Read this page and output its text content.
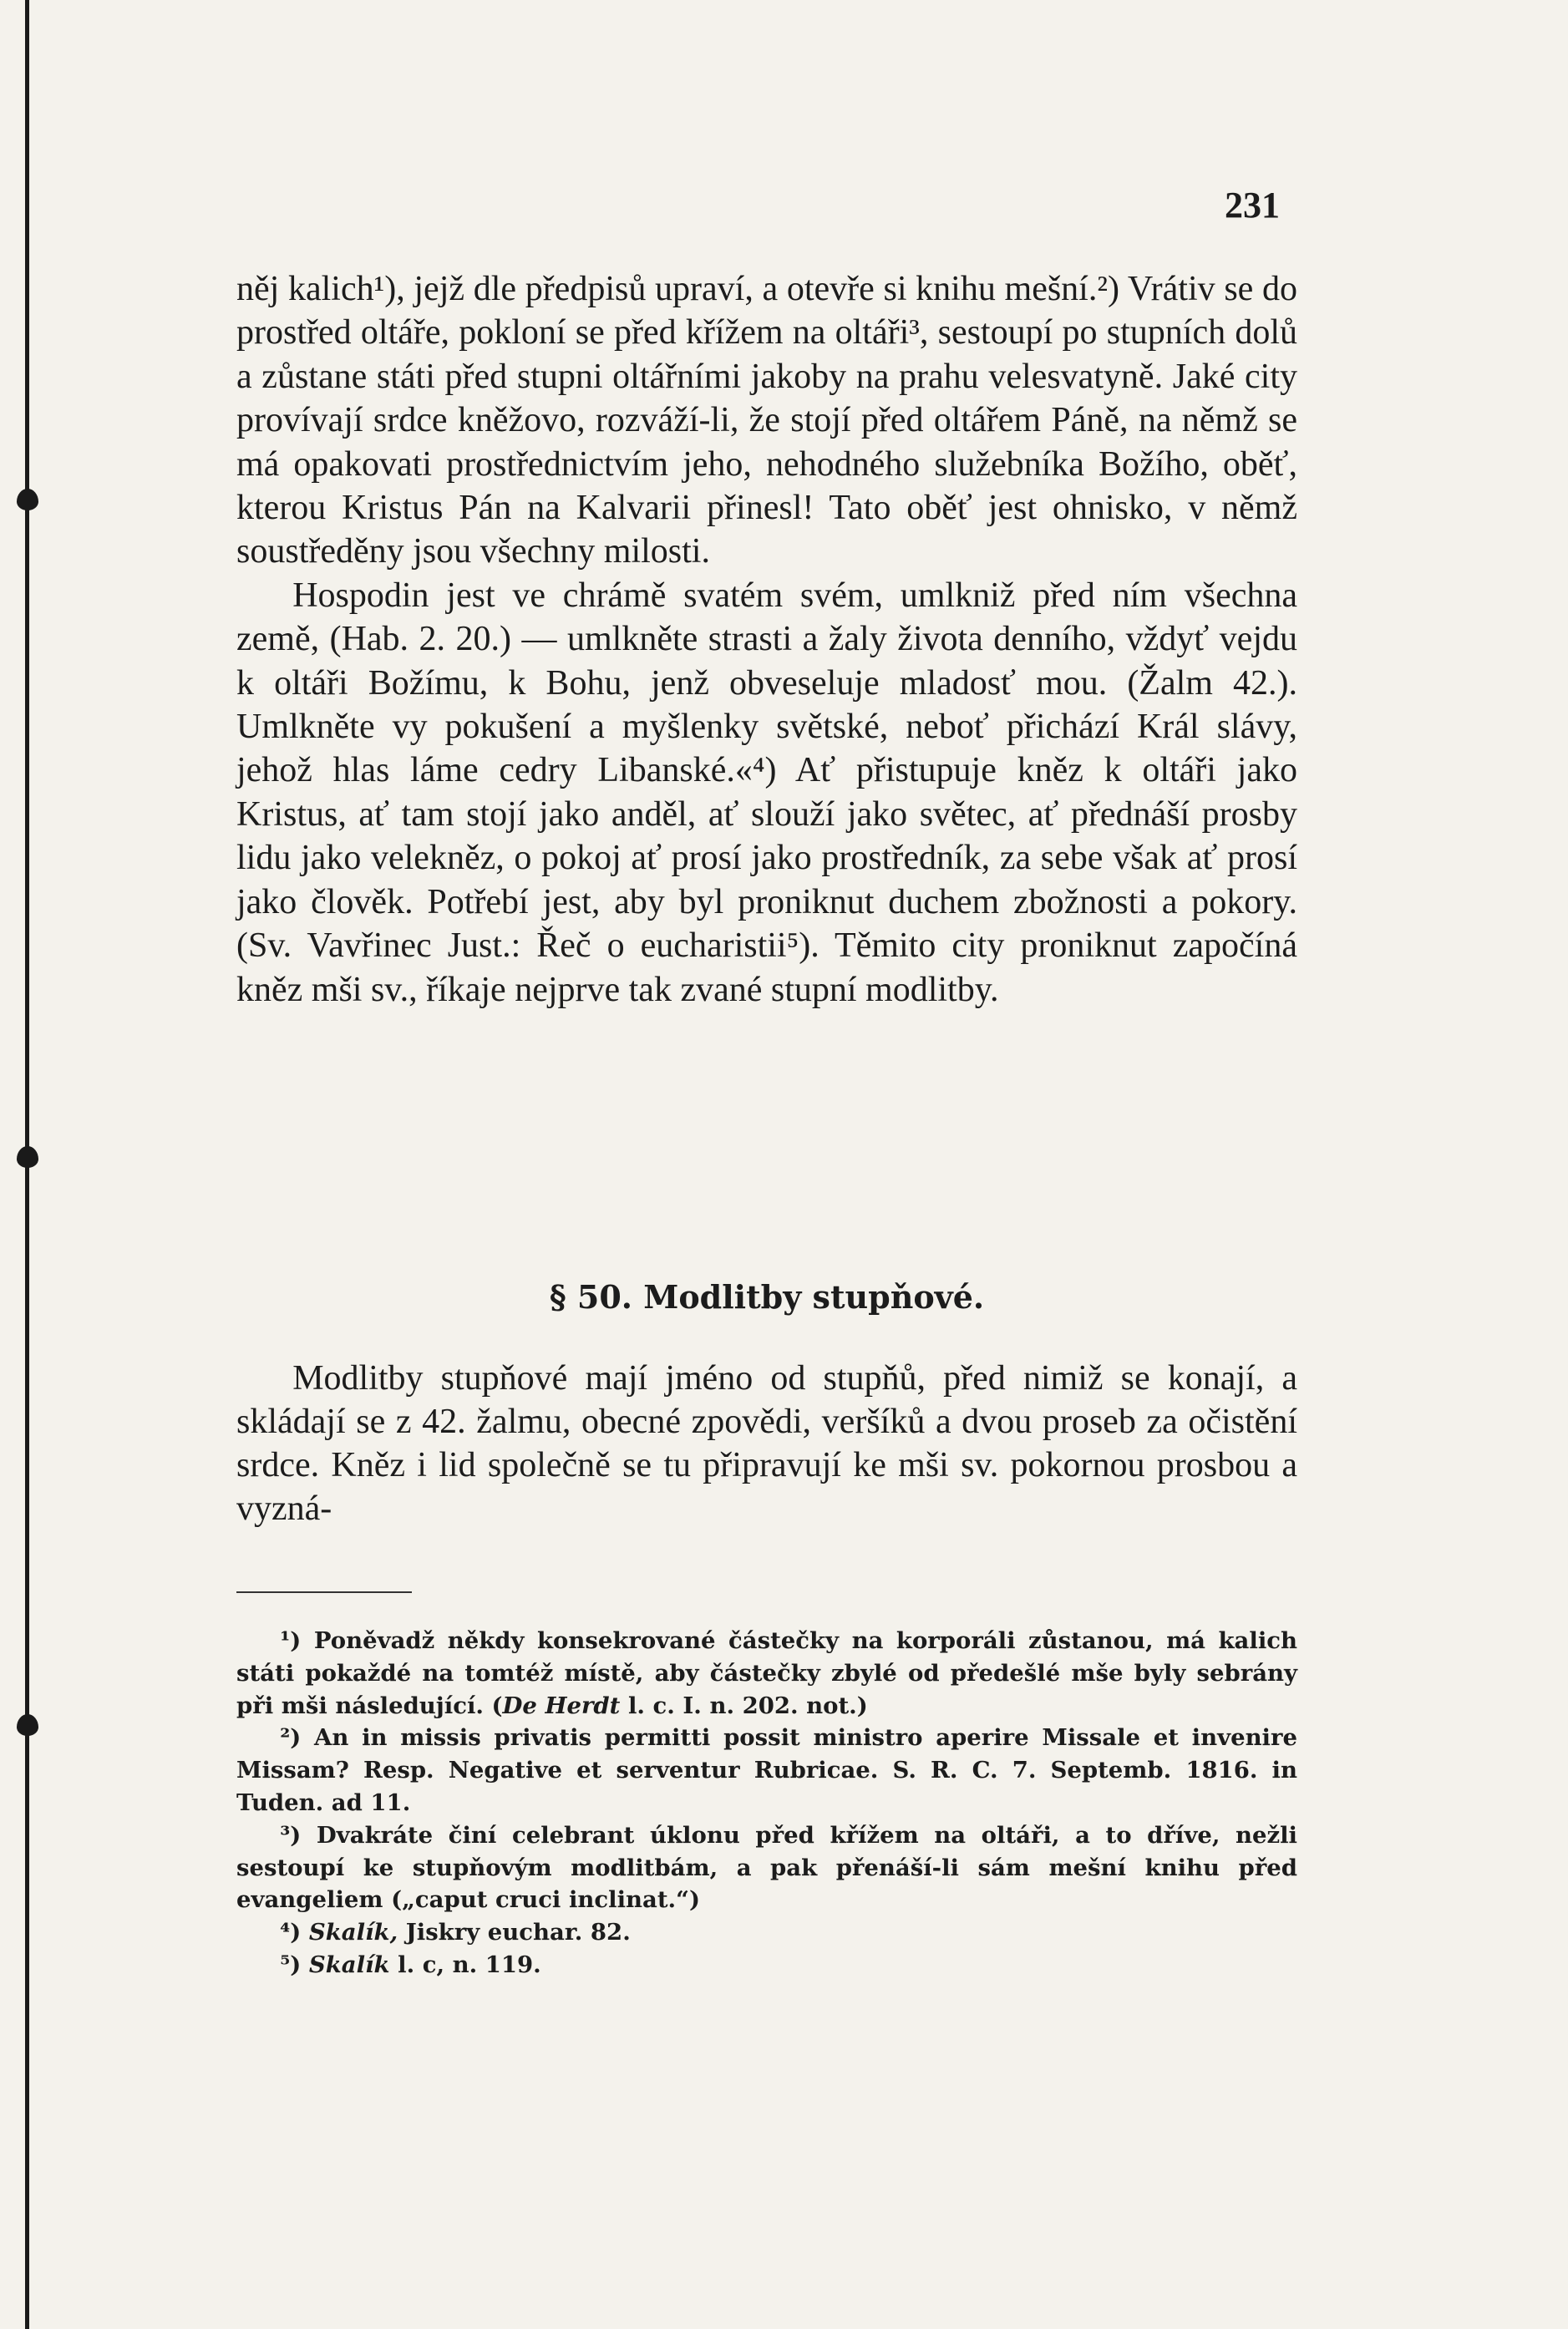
231

něj kalich¹), jejž dle předpisů upraví, a otevře si knihu mešní.²) Vrátiv se do prostřed oltáře, pokloní se před křížem na oltáři³, sestoupí po stupních dolů a zůstane státi před stupni oltářními jakoby na prahu velesvatyně. Jaké city provívají srdce kněžovo, rozváží-li, že stojí před oltářem Páně, na němž se má opakovati prostřednictvím jeho, nehodného služebníka Božího, oběť, kterou Kristus Pán na Kalvarii přinesl! Tato oběť jest ohnisko, v němž soustředěny jsou všechny milosti.

Hospodin jest ve chrámě svatém svém, umlkniž před ním všechna země, (Hab. 2. 20.) — umlkněte strasti a žaly života denního, vždyť vejdu k oltáři Božímu, k Bohu, jenž obveseluje mladosť mou. (Žalm 42.). Umlkněte vy pokušení a myšlenky světské, neboť přichází Král slávy, jehož hlas láme cedry Libanské.«⁴) Ať přistupuje kněz k oltáři jako Kristus, ať tam stojí jako anděl, ať slouží jako světec, ať přednáší prosby lidu jako velekněz, o pokoj ať prosí jako prostředník, za sebe však ať prosí jako člověk. Potřebí jest, aby byl proniknut duchem zbožnosti a pokory. (Sv. Vavřinec Just.: Řeč o eucharistii⁵). Těmito city proniknut započíná kněz mši sv., říkaje nejprve tak zvané stupní modlitby.

§ 50. Modlitby stupňové.

Modlitby stupňové mají jméno od stupňů, před nimiž se konají, a skládají se z 42. žalmu, obecné zpovědi, veršíků a dvou proseb za očistění srdce. Kněz i lid společně se tu připravují ke mši sv. pokornou prosbou a vyzná-

¹) Poněvadž někdy konsekrované částečky na korporáli zůstanou, má kalich státi pokaždé na tomtéž místě, aby částečky zbylé od předešlé mše byly sebrány při mši následující. (De Herdt l. c. I. n. 202. not.)

²) An in missis privatis permitti possit ministro aperire Missale et invenire Missam? Resp. Negative et serventur Rubricae. S. R. C. 7. Septemb. 1816. in Tuden. ad 11.

³) Dvakráte činí celebrant úklonu před křížem na oltáři, a to dříve, nežli sestoupí ke stupňovým modlitbám, a pak přenáší-li sám mešní knihu před evangeliem („caput cruci inclinat.“)

⁴) Skalík, Jiskry euchar. 82.

⁵) Skalík l. c, n. 119.
